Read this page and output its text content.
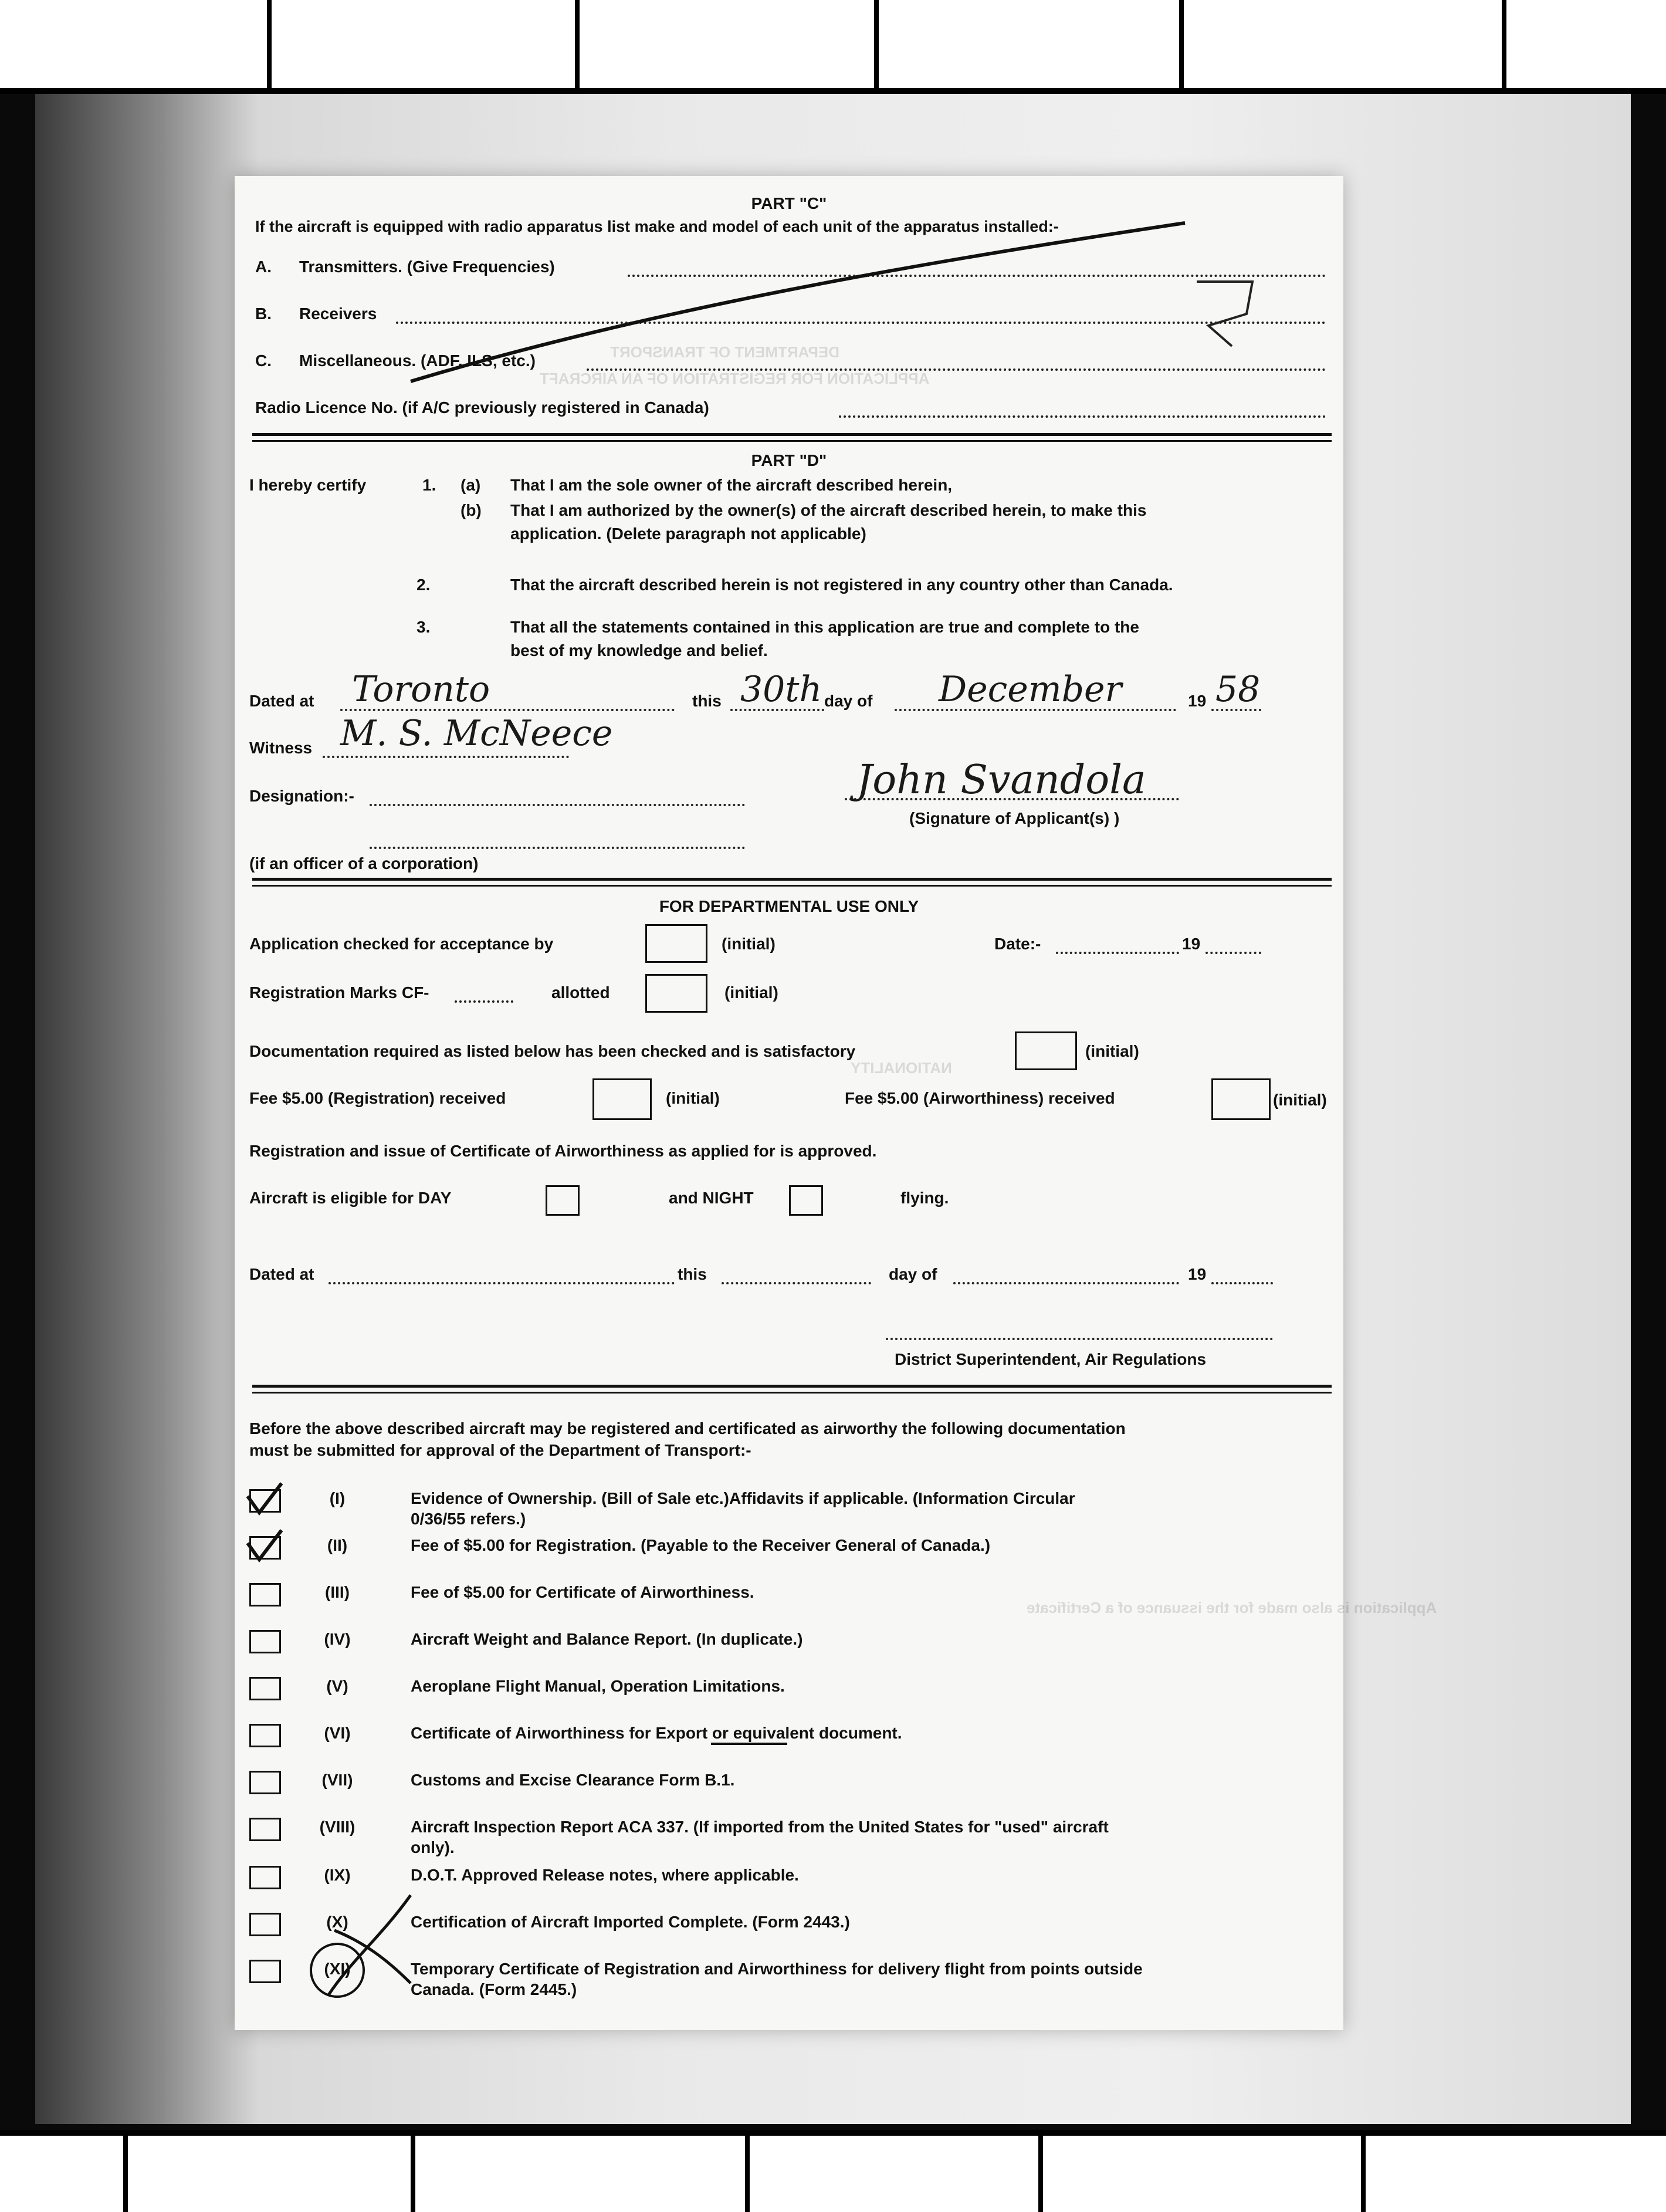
DEPARTMENT OF TRANSPORT
APPLICATION FOR REGISTRATION OF AN AIRCRAFT
NATIONALITY
Application is also made for the issuance of a Certificate
PART "C"
If the aircraft is equipped with radio apparatus list make and model of each unit of the apparatus installed:-
A. Transmitters. (Give Frequencies)
B. Receivers
C. Miscellaneous. (ADF, ILS, etc.)
Radio Licence No. (if A/C previously registered in Canada)
PART "D"
I hereby certify	1. (a) That I am the sole owner of the aircraft described herein,
(b) That I am authorized by the owner(s) of the aircraft described herein, to make this
application. (Delete paragraph not applicable)
2.	That the aircraft described herein is not registered in any country other than Canada.
3.	That all the statements contained in this application are true and complete to the
best of my knowledge and belief.
Dated at Toronto	this 30th day of December	19 58
Witness M. S. McNeece
Designation:-	John Svandola
(Signature of Applicant(s) )
(if an officer of a corporation)
FOR DEPARTMENTAL USE ONLY
Application checked for acceptance by	(initial)	Date:-	19
Registration Marks CF-	allotted	(initial)
Documentation required as listed below has been checked and is satisfactory	(initial)
Fee $5.00 (Registration) received	(initial)	Fee $5.00 (Airworthiness) received	(initial)
Registration and issue of Certificate of Airworthiness as applied for is approved.
Aircraft is eligible for DAY	and NIGHT	flying.
Dated at	this	day of	19
District Superintendent, Air Regulations
Before the above described aircraft may be registered and certificated as airworthy the following documentation
must be submitted for approval of the Department of Transport:-
(I)	Evidence of Ownership. (Bill of Sale etc.)Affidavits if applicable. (Information Circular
0/36/55 refers.)
(II)	Fee of $5.00 for Registration. (Payable to the Receiver General of Canada.)
(III)	Fee of $5.00 for Certificate of Airworthiness.
(IV)	Aircraft Weight and Balance Report. (In duplicate.)
(V)	Aeroplane Flight Manual, Operation Limitations.
(VI)	Certificate of Airworthiness for Export or equivalent document.
(VII)	Customs and Excise Clearance Form B.1.
(VIII)	Aircraft Inspection Report ACA 337. (If imported from the United States for "used" aircraft
only).
(IX)	D.O.T. Approved Release notes, where applicable.
(X)	Certification of Aircraft Imported Complete. (Form 2443.)
(XI)	Temporary Certificate of Registration and Airworthiness for delivery flight from points outside
Canada. (Form 2445.)
